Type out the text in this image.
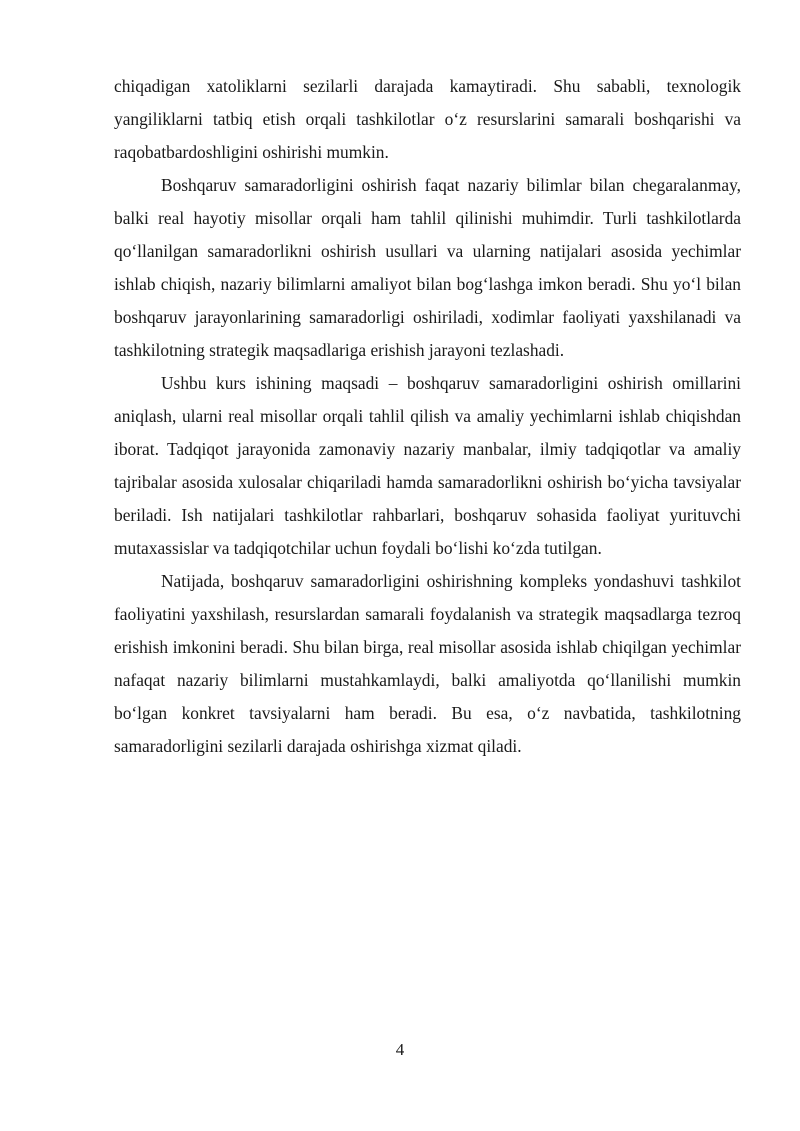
chiqadigan xatoliklarni sezilarli darajada kamaytiradi. Shu sababli, texnologik yangiliklarni tatbiq etish orqali tashkilotlar o‘z resurslarini samarali boshqarishi va raqobatbardoshligini oshirishi mumkin.

Boshqaruv samaradorligini oshirish faqat nazariy bilimlar bilan chegaralanmay, balki real hayotiy misollar orqali ham tahlil qilinishi muhimdir. Turli tashkilotlarda qo‘llanilgan samaradorlikni oshirish usullari va ularning natijalari asosida yechimlar ishlab chiqish, nazariy bilimlarni amaliyot bilan bog‘lashga imkon beradi. Shu yo‘l bilan boshqaruv jarayonlarining samaradorligi oshiriladi, xodimlar faoliyati yaxshilanadi va tashkilotning strategik maqsadlariga erishish jarayoni tezlashadi.

Ushbu kurs ishining maqsadi – boshqaruv samaradorligini oshirish omillarini aniqlash, ularni real misollar orqali tahlil qilish va amaliy yechimlarni ishlab chiqishdan iborat. Tadqiqot jarayonida zamonaviy nazariy manbalar, ilmiy tadqiqotlar va amaliy tajribalar asosida xulosalar chiqariladi hamda samaradorlikni oshirish bo‘yicha tavsiyalar beriladi. Ish natijalari tashkilotlar rahbarlari, boshqaruv sohasida faoliyat yurituvchi mutaxassislar va tadqiqotchilar uchun foydali bo‘lishi ko‘zda tutilgan.

Natijada, boshqaruv samaradorligini oshirishning kompleks yondashuvi tashkilot faoliyatini yaxshilash, resurslardan samarali foydalanish va strategik maqsadlarga tezroq erishish imkonini beradi. Shu bilan birga, real misollar asosida ishlab chiqilgan yechimlar nafaqat nazariy bilimlarni mustahkamlaydi, balki amaliyotda qo‘llanilishi mumkin bo‘lgan konkret tavsiyalarni ham beradi. Bu esa, o‘z navbatida, tashkilotning samaradorligini sezilarli darajada oshirishga xizmat qiladi.

4
